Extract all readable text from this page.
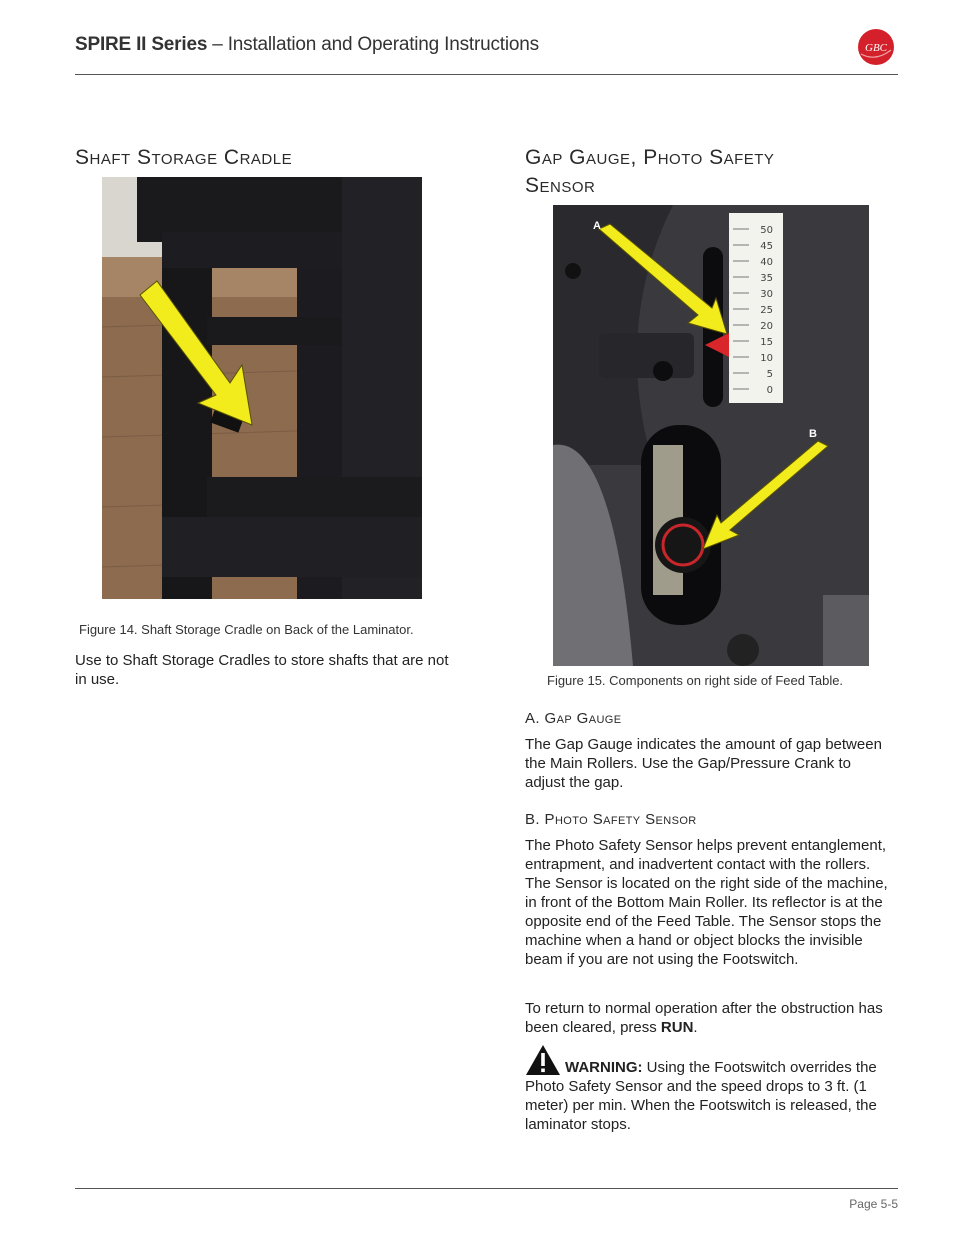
SPIRE II Series – Installation and Operating Instructions	GBC
Shaft Storage Cradle
Figure 14. Shaft Storage Cradle on Back of the Laminator.
Use to Shaft Storage Cradles to store shafts that are not in use.
Gap Gauge, Photo Safety
Sensor
50
45
40
35
30
25
20
15
10
5
0
A
B
Figure 15. Components on right side of Feed Table.
A. Gap Gauge
The Gap Gauge indicates the amount of gap between the Main Rollers. Use the Gap/Pressure Crank to adjust the gap.
B. Photo Safety Sensor
The Photo Safety Sensor helps prevent entanglement, entrapment, and inadvertent contact with the rollers. The Sensor is located on the right side of the machine, in front of the Bottom Main Roller. Its reflector is at the opposite end of the Feed Table. The Sensor stops the machine when a hand or object blocks the invisible beam if you are not using the Footswitch.
To return to normal operation after the obstruction has been cleared, press RUN.
WARNING: Using the Footswitch overrides the Photo Safety Sensor and the speed drops to 3 ft. (1 meter) per min. When the Footswitch is released, the laminator stops.
Page 5-5
